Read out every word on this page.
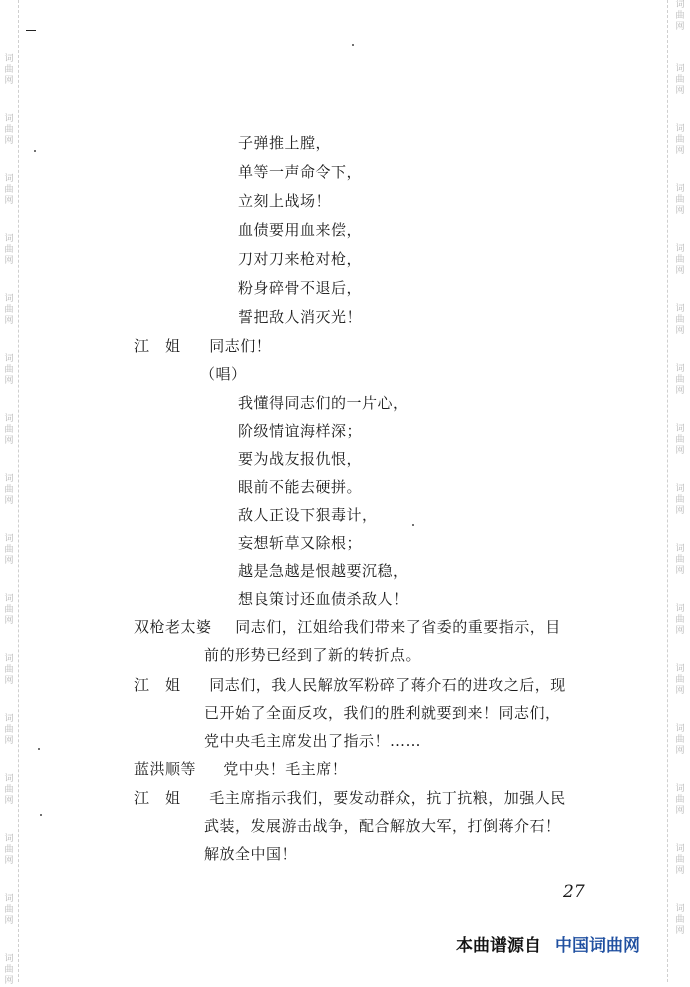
词曲网
词曲网
词曲网
词曲网
词曲网
词曲网
词曲网
词曲网
词曲网
词曲网
词曲网
词曲网
词曲网
词曲网
词曲网
词曲网
词曲网
词曲网
词曲网
词曲网
词曲网
词曲网
词曲网
词曲网
词曲网
词曲网
词曲网
词曲网
词曲网
词曲网
词曲网
词曲网
子弹推上膛，
单等一声命令下，
立刻上战场！
血债要用血来偿，
刀对刀来枪对枪，
粉身碎骨不退后，
誓把敌人消灭光！
江　姐 同志们！
（唱）
我懂得同志们的一片心，
阶级情谊海样深；
要为战友报仇恨，
眼前不能去硬拼。
敌人正设下狠毒计，
妄想斩草又除根；
越是急越是恨越要沉稳，
想良策讨还血债杀敌人！
双枪老太婆 同志们，江姐给我们带来了省委的重要指示，目
前的形势已经到了新的转折点。
江　姐 同志们，我人民解放军粉碎了蒋介石的进攻之后，现
已开始了全面反攻，我们的胜利就要到来！同志们，
党中央毛主席发出了指示！……
蓝洪顺等 党中央！毛主席！
江　姐 毛主席指示我们，要发动群众，抗丁抗粮，加强人民
武装，发展游击战争，配合解放大军，打倒蒋介石！
解放全中国！
27
本曲谱源自 中国词曲网
